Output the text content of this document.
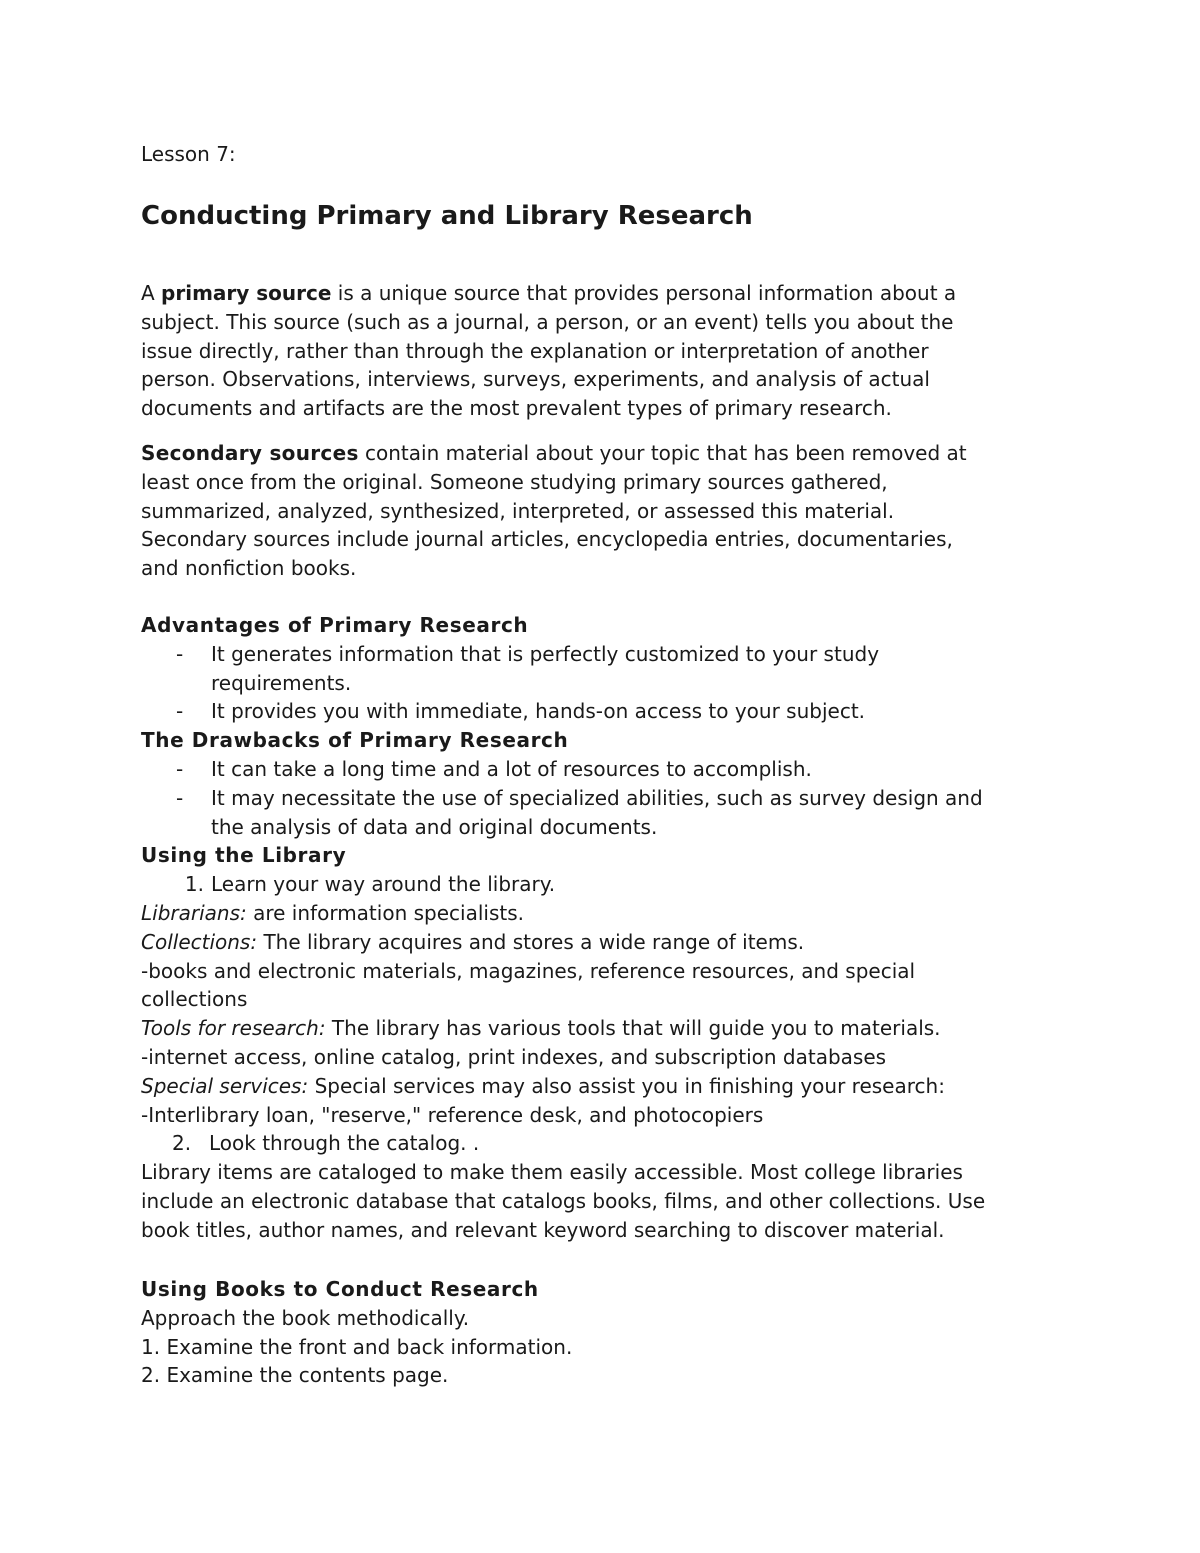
Lesson 7:
Conducting Primary and Library Research
A primary source is a unique source that provides personal information about a
subject. This source (such as a journal, a person, or an event) tells you about the
issue directly, rather than through the explanation or interpretation of another
person. Observations, interviews, surveys, experiments, and analysis of actual
documents and artifacts are the most prevalent types of primary research.
Secondary sources contain material about your topic that has been removed at
least once from the original. Someone studying primary sources gathered,
summarized, analyzed, synthesized, interpreted, or assessed this material.
Secondary sources include journal articles, encyclopedia entries, documentaries,
and nonfiction books.
Advantages of Primary Research
- It generates information that is perfectly customized to your study
requirements.
- It provides you with immediate, hands-on access to your subject.
The Drawbacks of Primary Research
- It can take a long time and a lot of resources to accomplish.
- It may necessitate the use of specialized abilities, such as survey design and
the analysis of data and original documents.
Using the Library
1. Learn your way around the library.
Librarians: are information specialists.
Collections: The library acquires and stores a wide range of items.
-books and electronic materials, magazines, reference resources, and special
collections
Tools for research: The library has various tools that will guide you to materials.
-internet access, online catalog, print indexes, and subscription databases
Special services: Special services may also assist you in finishing your research:
-Interlibrary loan, "reserve," reference desk, and photocopiers
2. Look through the catalog. .
Library items are cataloged to make them easily accessible. Most college libraries
include an electronic database that catalogs books, films, and other collections. Use
book titles, author names, and relevant keyword searching to discover material.
Using Books to Conduct Research
Approach the book methodically.
1. Examine the front and back information.
2. Examine the contents page.
